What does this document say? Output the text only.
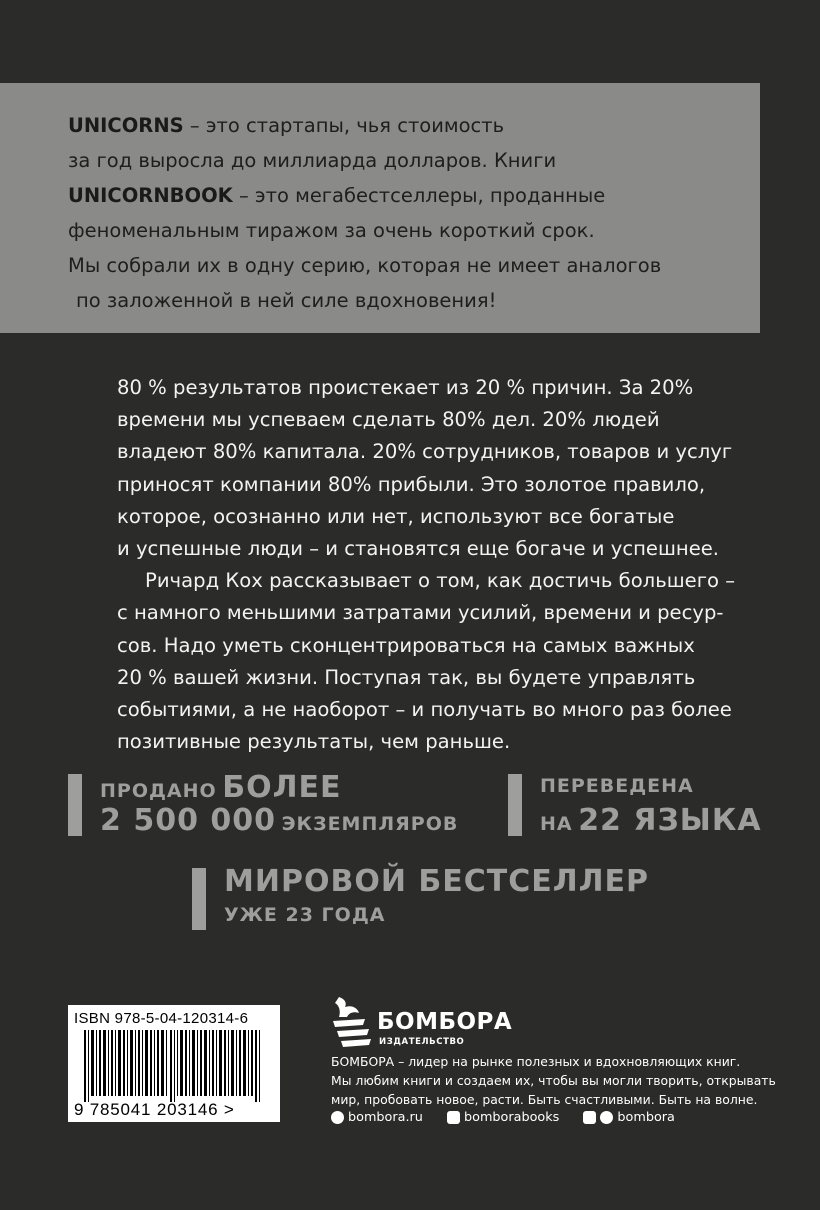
UNICORNS – это стартапы, чья стоимость
за год выросла до миллиарда долларов. Книги
UNICORNBOOK – это мегабестселлеры, проданные
феноменальным тиражом за очень короткий срок.
Мы собрали их в одну серию, которая не имеет аналогов
по заложенной в ней силе вдохновения!
80 % результатов проистекает из 20 % причин. За 20%
времени мы успеваем сделать 80% дел. 20% людей
владеют 80% капитала. 20% сотрудников, товаров и услуг
приносят компании 80% прибыли. Это золотое правило,
которое, осознанно или нет, используют все богатые
и успешные люди – и становятся еще богаче и успешнее.
Ричард Кох рассказывает о том, как достичь большего –
с намного меньшими затратами усилий, времени и ресур-
сов. Надо уметь сконцентрироваться на самых важных
20 % вашей жизни. Поступая так, вы будете управлять
событиями, а не наоборот – и получать во много раз более
позитивные результаты, чем раньше.
ПРОДАНО БОЛЕЕ
2 500 000 ЭКЗЕМПЛЯРОВ
ПЕРЕВЕДЕНА
НА 22 ЯЗЫКА
МИРОВОЙ БЕСТСЕЛЛЕР
УЖЕ 23 ГОДА
ISBN 978-5-04-120314-6
9 785041 203146 >
БОМБОРА
ИЗДАТЕЛЬСТВО
БОМБОРА – лидер на рынке полезных и вдохновляющих книг.
Мы любим книги и создаем их, чтобы вы могли творить, открывать
мир, пробовать новое, расти. Быть счастливыми. Быть на волне.
bombora.ru
	bomborabooks
	bombora
